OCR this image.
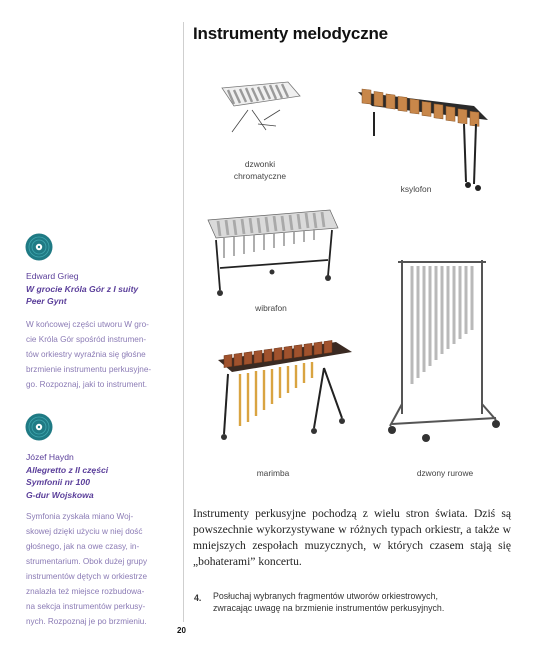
Instrumenty melodyczne
Edward Grieg
W grocie Króla Gór z I suity
Peer Gynt
W końcowej części utworu W gro-
cie Króla Gór spośród instrumen-
tów orkiestry wyraźnia się głośne
brzmienie instrumentu perkusyjne-
go. Rozpoznaj, jaki to instrument.
Józef Haydn
Allegretto z II części
Symfonii nr 100
G-dur Wojskowa
Symfonia zyskała miano Woj-
skowej dzięki użyciu w niej dość
głośnego, jak na owe czasy, in-
strumentarium. Obok dużej grupy
instrumentów dętych w orkiestrze
znalazła też miejsce rozbudowa-
na sekcja instrumentów perkusy-
nych. Rozpoznaj je po brzmieniu.
dzwonki
chromatyczne
ksylofon
wibrafon
dzwony rurowe
marimba
Instrumenty perkusyjne pochodzą z wielu stron świata. Dziś są powszechnie wykorzystywane w różnych typach orkiestr, a także w mniejszych zespołach muzycznych, w których czasem stają się „bohaterami” koncertu.
4. Posłuchaj wybranych fragmentów utworów orkiestrowych,
zwracając uwagę na brzmienie instrumentów perkusyjnych.
20
